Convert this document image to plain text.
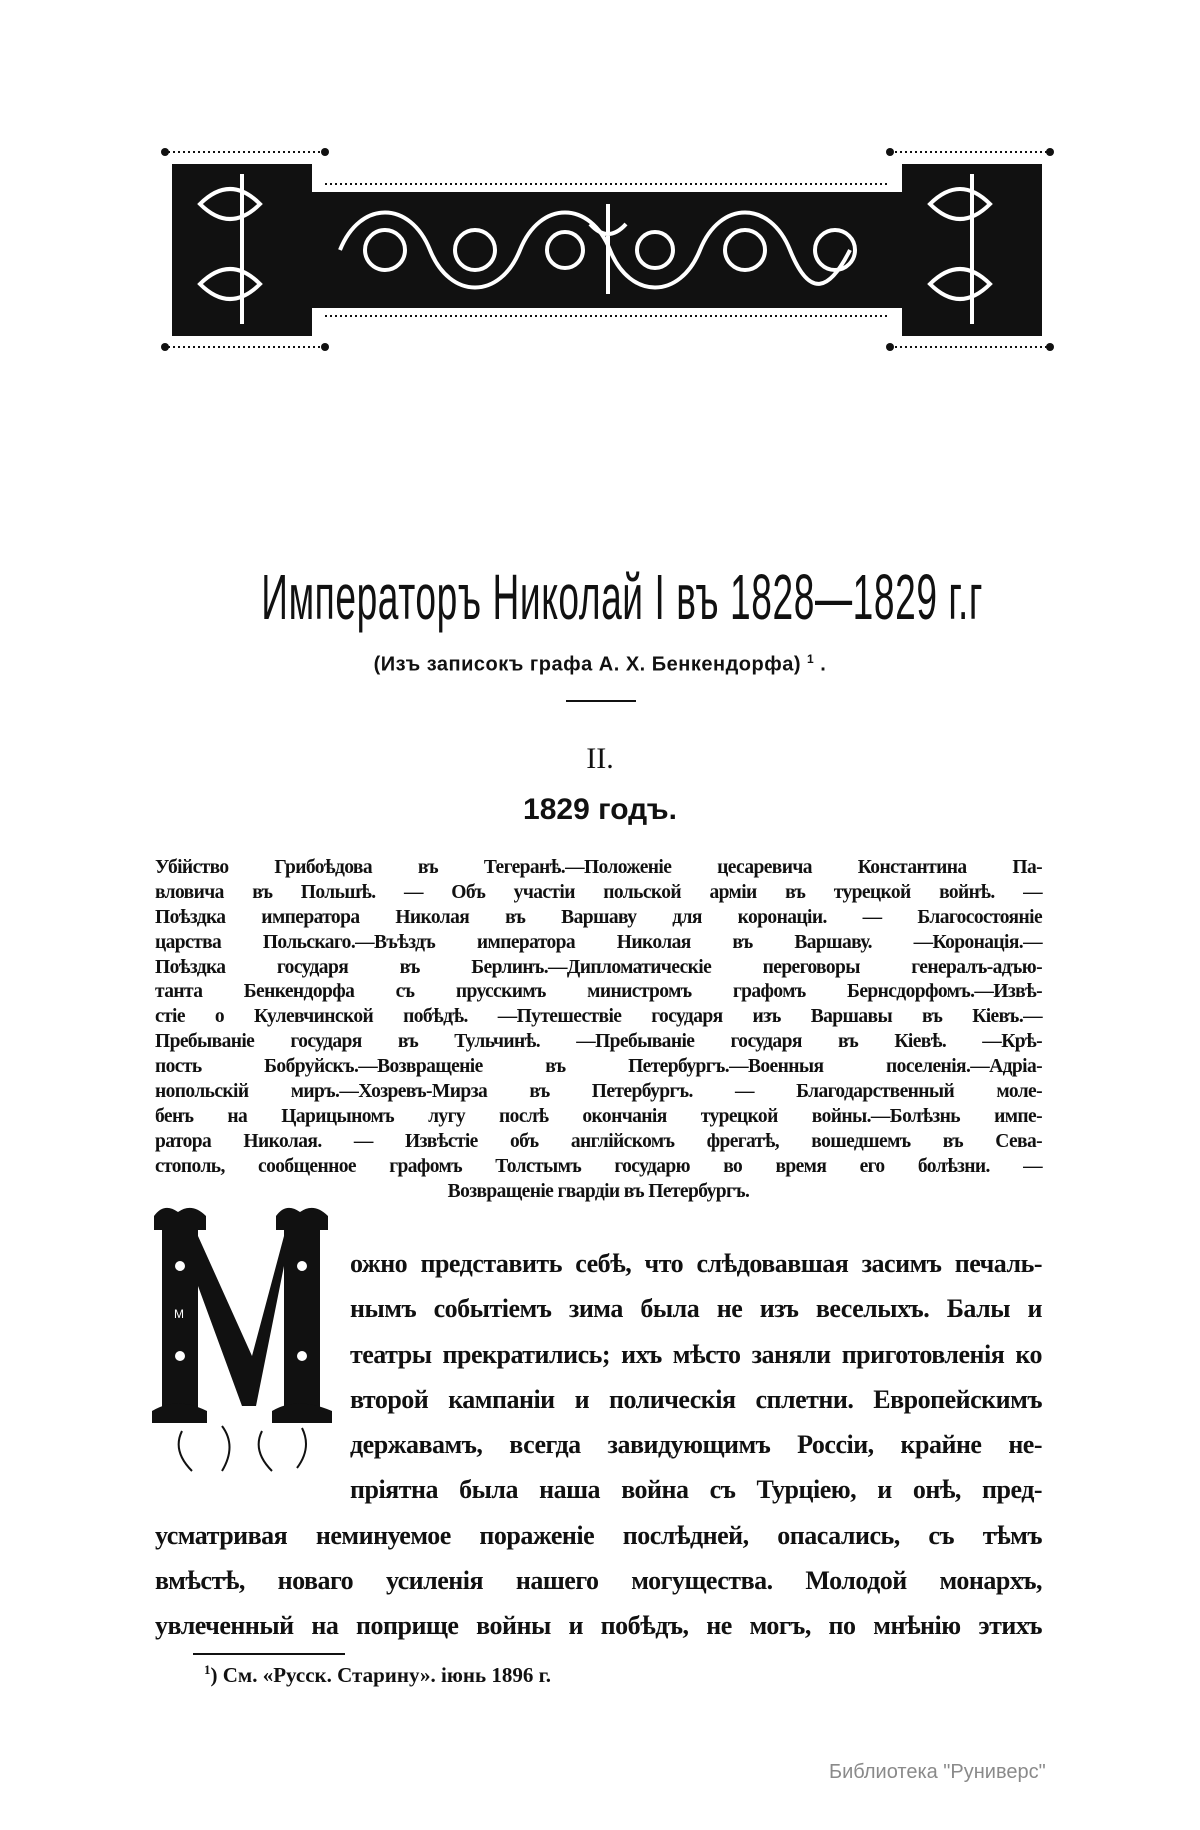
Императоръ Николай I въ 1828—1829 г.г
(Изъ записокъ графа А. Х. Бенкендорфа) $^1$ .
II.
1829 годъ.
Убійство Грибоѣдова въ Тегеранѣ.—Положеніе цесаревича Константина Па-
вловича въ Польшѣ. — Объ участіи польской арміи въ турецкой войнѣ. —
Поѣздка императора Николая въ Варшаву для коронаціи. — Благосостояніе
царства Польскаго.—Въѣздъ императора Николая въ Варшаву. —Коронація.—
Поѣздка государя въ Берлинъ.—Дипломатическіе переговоры генералъ-адъю-
танта Бенкендорфа съ прусскимъ министромъ графомъ Бернсдорфомъ.—Извѣ-
стіе о Кулевчинской побѣдѣ. —Путешествіе государя изъ Варшавы въ Кіевъ.—
Пребываніе государя въ Тульчинѣ. —Пребываніе государя въ Кіевѣ. —Крѣ-
пость Бобруйскъ.—Возвращеніе въ Петербургъ.—Военныя поселенія.—Адріа-
нопольскій миръ.—Хозревъ-Мирза въ Петербургъ. — Благодарственный моле-
бенъ на Царицыномъ лугу послѣ окончанія турецкой войны.—Болѣзнь импе-
ратора Николая. — Извѣстіе объ англійскомъ фрегатѣ, вошедшемъ въ Сева-
стополь, сообщенное графомъ Толстымъ государю во время его болѣзни. —
Возвращеніе гвардіи въ Петербургъ.
М
ожно представить себѣ, что слѣдовавшая засимъ печаль-
нымъ событіемъ зима была не изъ веселыхъ. Балы и
театры прекратились; ихъ мѣсто заняли приготовленія ко
второй кампаніи и полическія сплетни. Европейскимъ
державамъ, всегда завидующимъ Россіи, крайне не-
пріятна была наша война съ Турціею, и онѣ, пред-
усматривая неминуемое пораженіе послѣдней, опасались, съ тѣмъ
вмѣстѣ, новаго усиленія нашего могущества. Молодой монархъ,
увлеченный на поприще войны и побѣдъ, не могъ, по мнѣнію этихъ
$^1$) См. «Русск. Старину». іюнь 1896 г.
Библиотека "Руниверс"
